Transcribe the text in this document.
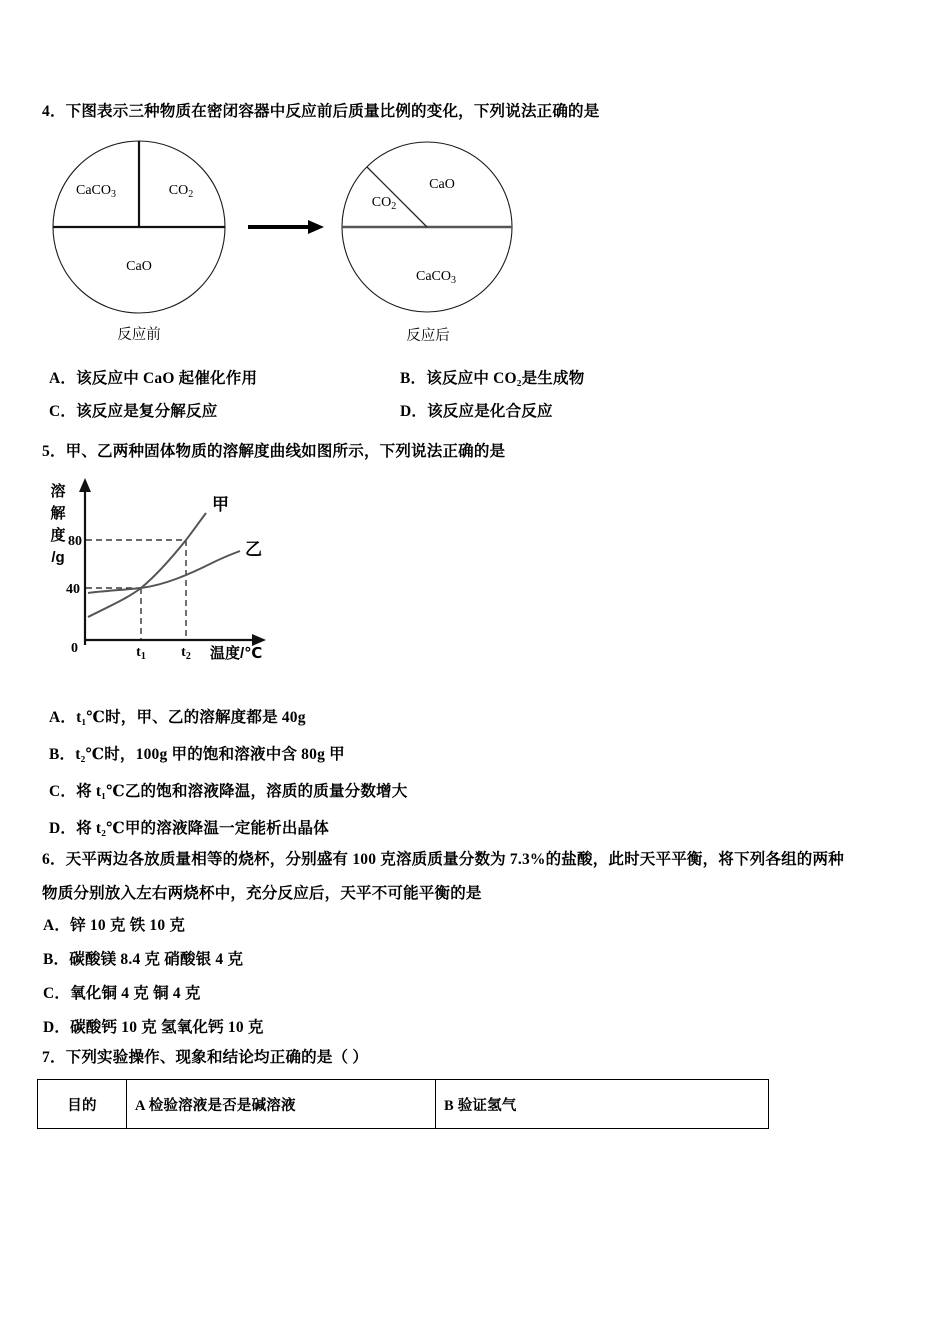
4．下图表示三种物质在密闭容器中反应前后质量比例的变化，下列说法正确的是
CaCO$_3$	$CO_2$
CaO
反应前
$CO_2$
CaO
CaCO$_3$
反应后
A．该反应中 CaO 起催化作用	B．该反应中 CO₂是生成物
C．该反应是复分解反应	D．该反应是化合反应
5．甲、乙两种固体物质的溶解度曲线如图所示，下列说法正确的是
溶
解
度
/g
80
40
0	$t_1$	$t_2$ 温度/℃
甲
乙
A．t₁℃时，甲、乙的溶解度都是 40g
B．t₂℃时，100g 甲的饱和溶液中含 80g 甲
C．将 t₁℃乙的饱和溶液降温，溶质的质量分数增大
D．将 t₂℃甲的溶液降温一定能析出晶体
6．天平两边各放质量相等的烧杯，分别盛有 100 克溶质质量分数为 7.3%的盐酸，此时天平平衡，将下列各组的两种
物质分别放入左右两烧杯中，充分反应后，天平不可能平衡的是
A．锌 10 克 铁 10 克
B．碳酸镁 8.4 克 硝酸银 4 克
C．氧化铜 4 克 铜 4 克
D．碳酸钙 10 克 氢氧化钙 10 克
7．下列实验操作、现象和结论均正确的是（ ）
目的	A 检验溶液是否是碱溶液	B 验证氢气
